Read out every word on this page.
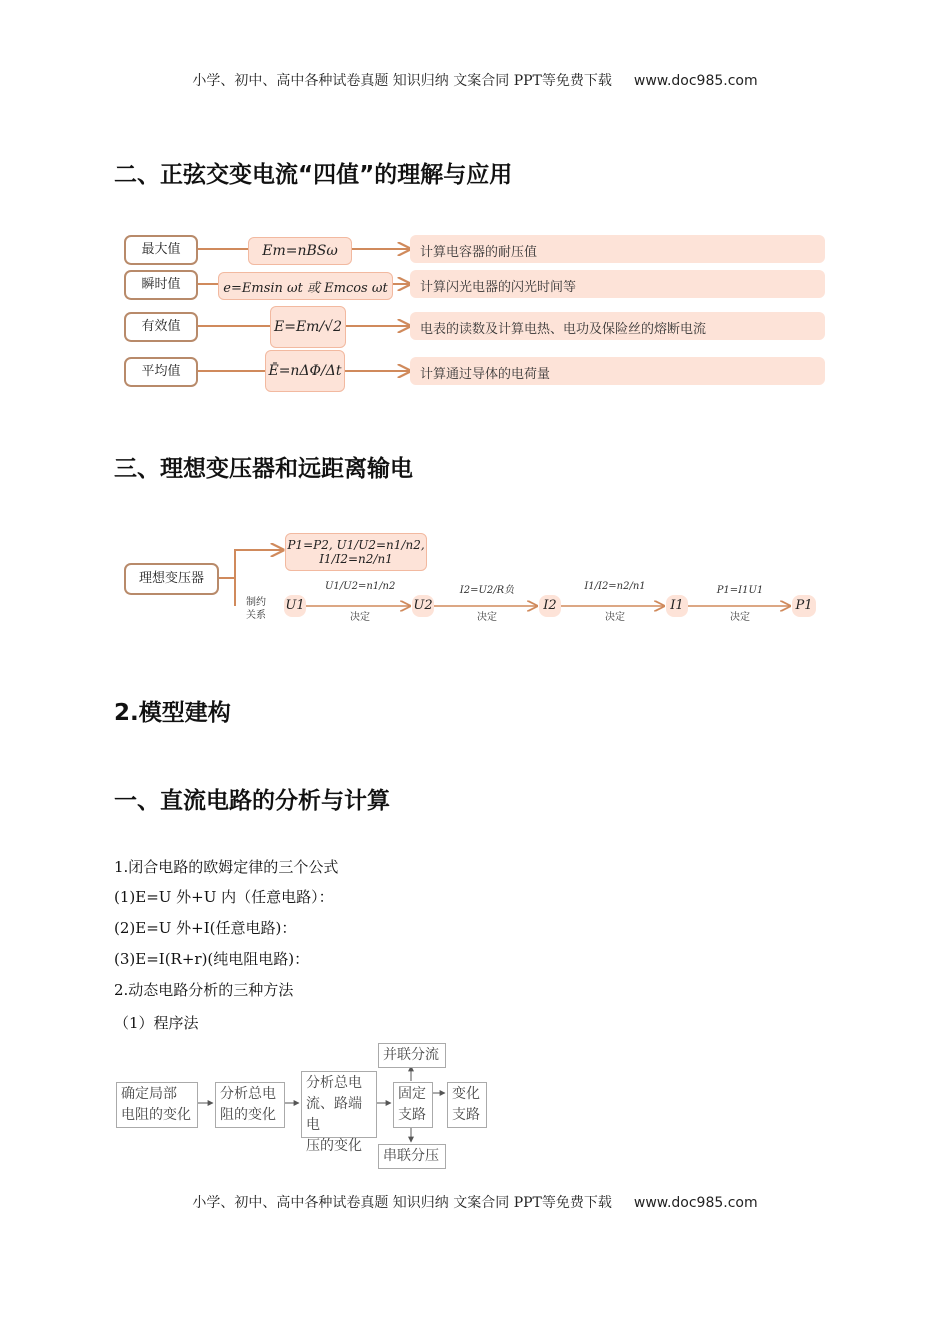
小学、初中、高中各种试卷真题 知识归纳 文案合同 PPT等免费下载 www.doc985.com
二、正弦交变电流“四值”的理解与应用
最大值
瞬时值
有效值
平均值
Em=nBSω
e=Emsin ωt 或 Emcos ωt
E=Em/√2
Ē=nΔΦ/Δt
计算电容器的耐压值
计算闪光电器的闪光时间等
电表的读数及计算电热、电功及保险丝的熔断电流
计算通过导体的电荷量
三、理想变压器和远距离输电
理想变压器
P1=P2, U1/U2=n1/n2, I1/I2=n2/n1
制约
关系
U1	U2	I2	I1	P1
U1/U2=n1/n2	I2=U2/R负	I1/I2=n2/n1	P1=I1U1
决定	决定	决定	决定
2.模型建构
一、直流电路的分析与计算
1.闭合电路的欧姆定律的三个公式
(1)E=U 外+U 内（任意电路）：
(2)E=U 外+I(任意电路)：
(3)E=I(R+r)(纯电阻电路)：
2.动态电路分析的三种方法
（1）程序法
确定局部
电阻的变化
分析总电
阻的变化
分析总电
流、路端电
压的变化
固定
支路
变化
支路
并联分流
串联分压
小学、初中、高中各种试卷真题 知识归纳 文案合同 PPT等免费下载 www.doc985.com
